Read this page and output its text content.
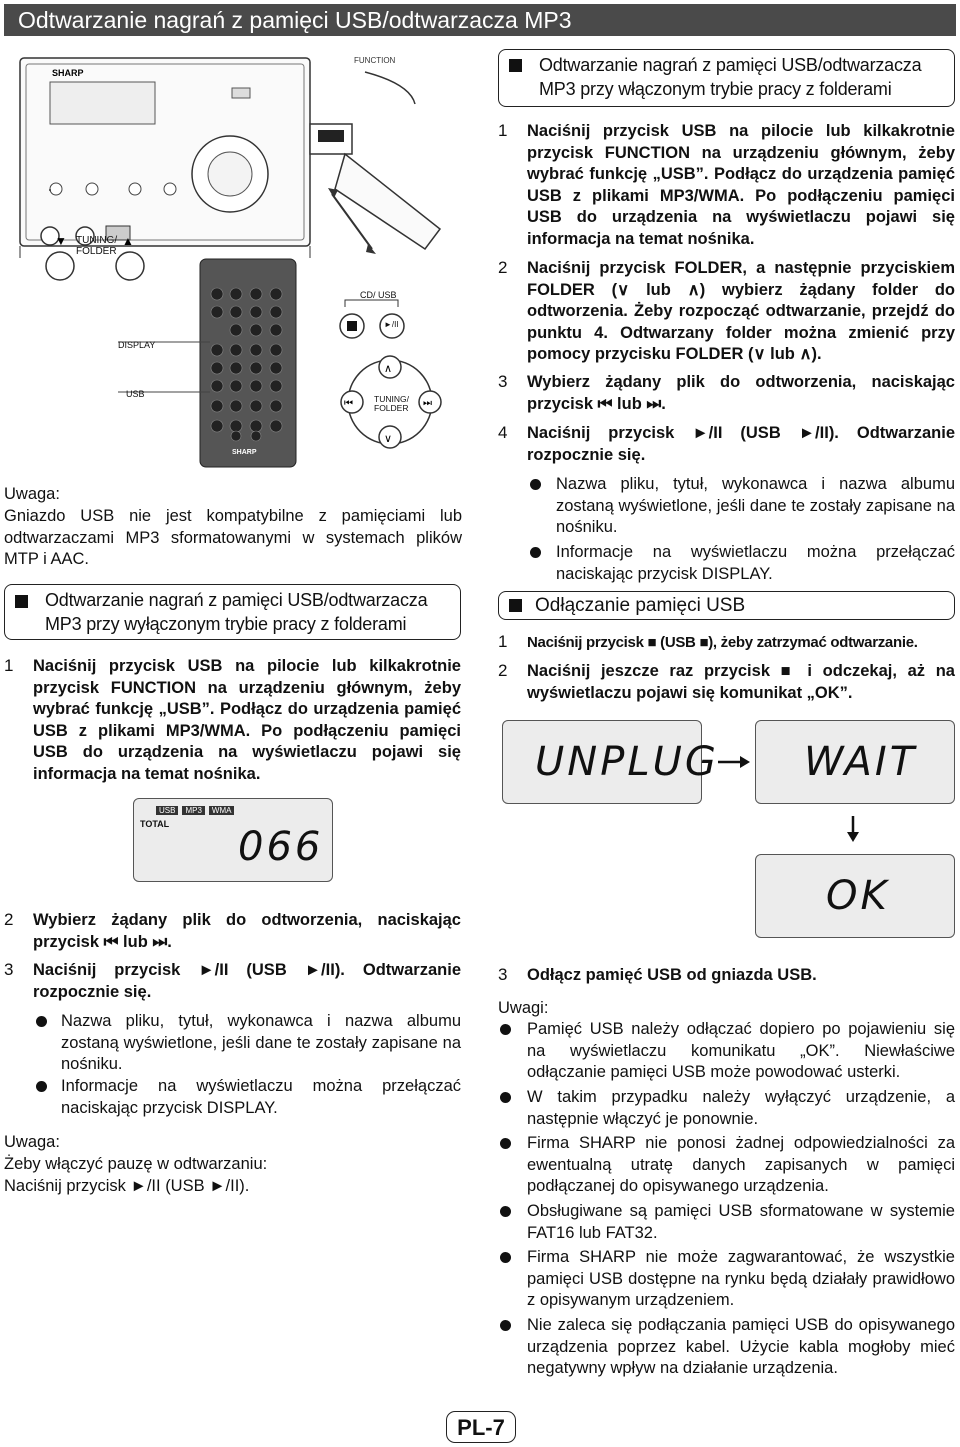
Odtwarzanie nagrań z pamięci USB/odtwarzacza MP3
SHARP
▼	▲
SHARP
∧
∨
⏮	⏭
FUNCTION
TUNING/ FOLDER
DISPLAY
USB
CD/ USB
►/II
TUNING/ FOLDER
Uwaga:
Gniazdo USB nie jest kompatybilne z pamięciami lub odtwarzaczami MP3 sformatowanymi w systemach plików MTP i AAC.
Odtwarzanie nagrań z pamięci USB/odtwarzacza MP3 przy wyłączonym trybie pracy z folderami
1 Naciśnij przycisk USB na pilocie lub kilkakrotnie przycisk FUNCTION na urządzeniu głównym, żeby wybrać funkcję „USB”. Podłącz do urządzenia pamięć USB z plikami MP3/WMA. Po podłączeniu pamięci USB do urządzenia na wyświetlaczu pojawi się informacja na temat nośnika.
USB	MP3	WMA
TOTAL 066
2 Wybierz żądany plik do odtworzenia, naciskając przycisk ⏮ lub ⏭.
3 Naciśnij przycisk ►/II (USB ►/II). Odtwarzanie rozpocznie się.
Nazwa pliku, tytuł, wykonawca i nazwa albumu zostaną wyświetlone, jeśli dane te zostały zapisane na nośniku.
Informacje na wyświetlaczu można przełączać naciskając przycisk DISPLAY.
Uwaga:
Żeby włączyć pauzę w odtwarzaniu:
Naciśnij przycisk ►/II (USB ►/II).
Odtwarzanie nagrań z pamięci USB/odtwarzacza MP3 przy włączonym trybie pracy z folderami
1 Naciśnij przycisk USB na pilocie lub kilkakrotnie przycisk FUNCTION na urządzeniu głównym, żeby wybrać funkcję „USB”. Podłącz do urządzenia pamięć USB z plikami MP3/WMA. Po podłączeniu pamięci USB do urządzenia na wyświetlaczu pojawi się informacja na temat nośnika.
2 Naciśnij przycisk FOLDER, a następnie przyciskiem FOLDER (∨ lub ∧) wybierz żądany folder do odtworzenia. Żeby rozpocząć odtwarzanie, przejdź do punktu 4. Odtwarzany folder można zmienić przy pomocy przycisku FOLDER (∨ lub ∧).
3 Wybierz żądany plik do odtworzenia, naciskając przycisk ⏮ lub ⏭.
4 Naciśnij przycisk ►/II (USB ►/II). Odtwarzanie rozpocznie się.
Nazwa pliku, tytuł, wykonawca i nazwa albumu zostaną wyświetlone, jeśli dane te zostały zapisane na nośniku.
Informacje na wyświetlaczu można przełączać naciskając przycisk DISPLAY.
Odłączanie pamięci USB
1 Naciśnij przycisk ■ (USB ■), żeby zatrzymać odtwarzanie.
2 Naciśnij jeszcze raz przycisk ■ i odczekaj, aż na wyświetlaczu pojawi się komunikat „OK”.
UNPLUG WAIT
OK
3 Odłącz pamięć USB od gniazda USB.
Uwagi:
Pamięć USB należy odłączać dopiero po pojawieniu się na wyświetlaczu komunikatu „OK”. Niewłaściwe odłączanie pamięci USB może powodować usterki.
W takim przypadku należy wyłączyć urządzenie, a następnie włączyć je ponownie.
Firma SHARP nie ponosi żadnej odpowiedzialności za ewentualną utratę danych zapisanych w pamięci podłączanej do opisywanego urządzenia.
Obsługiwane są pamięci USB sformatowane w systemie FAT16 lub FAT32.
Firma SHARP nie może zagwarantować, że wszystkie pamięci USB dostępne na rynku będą działały prawidłowo z opisywanym urządzeniem.
Nie zaleca się podłączania pamięci USB do opisywanego urządzenia poprzez kabel. Użycie kabla mogłoby mieć negatywny wpływ na działanie urządzenia.
PL-7
